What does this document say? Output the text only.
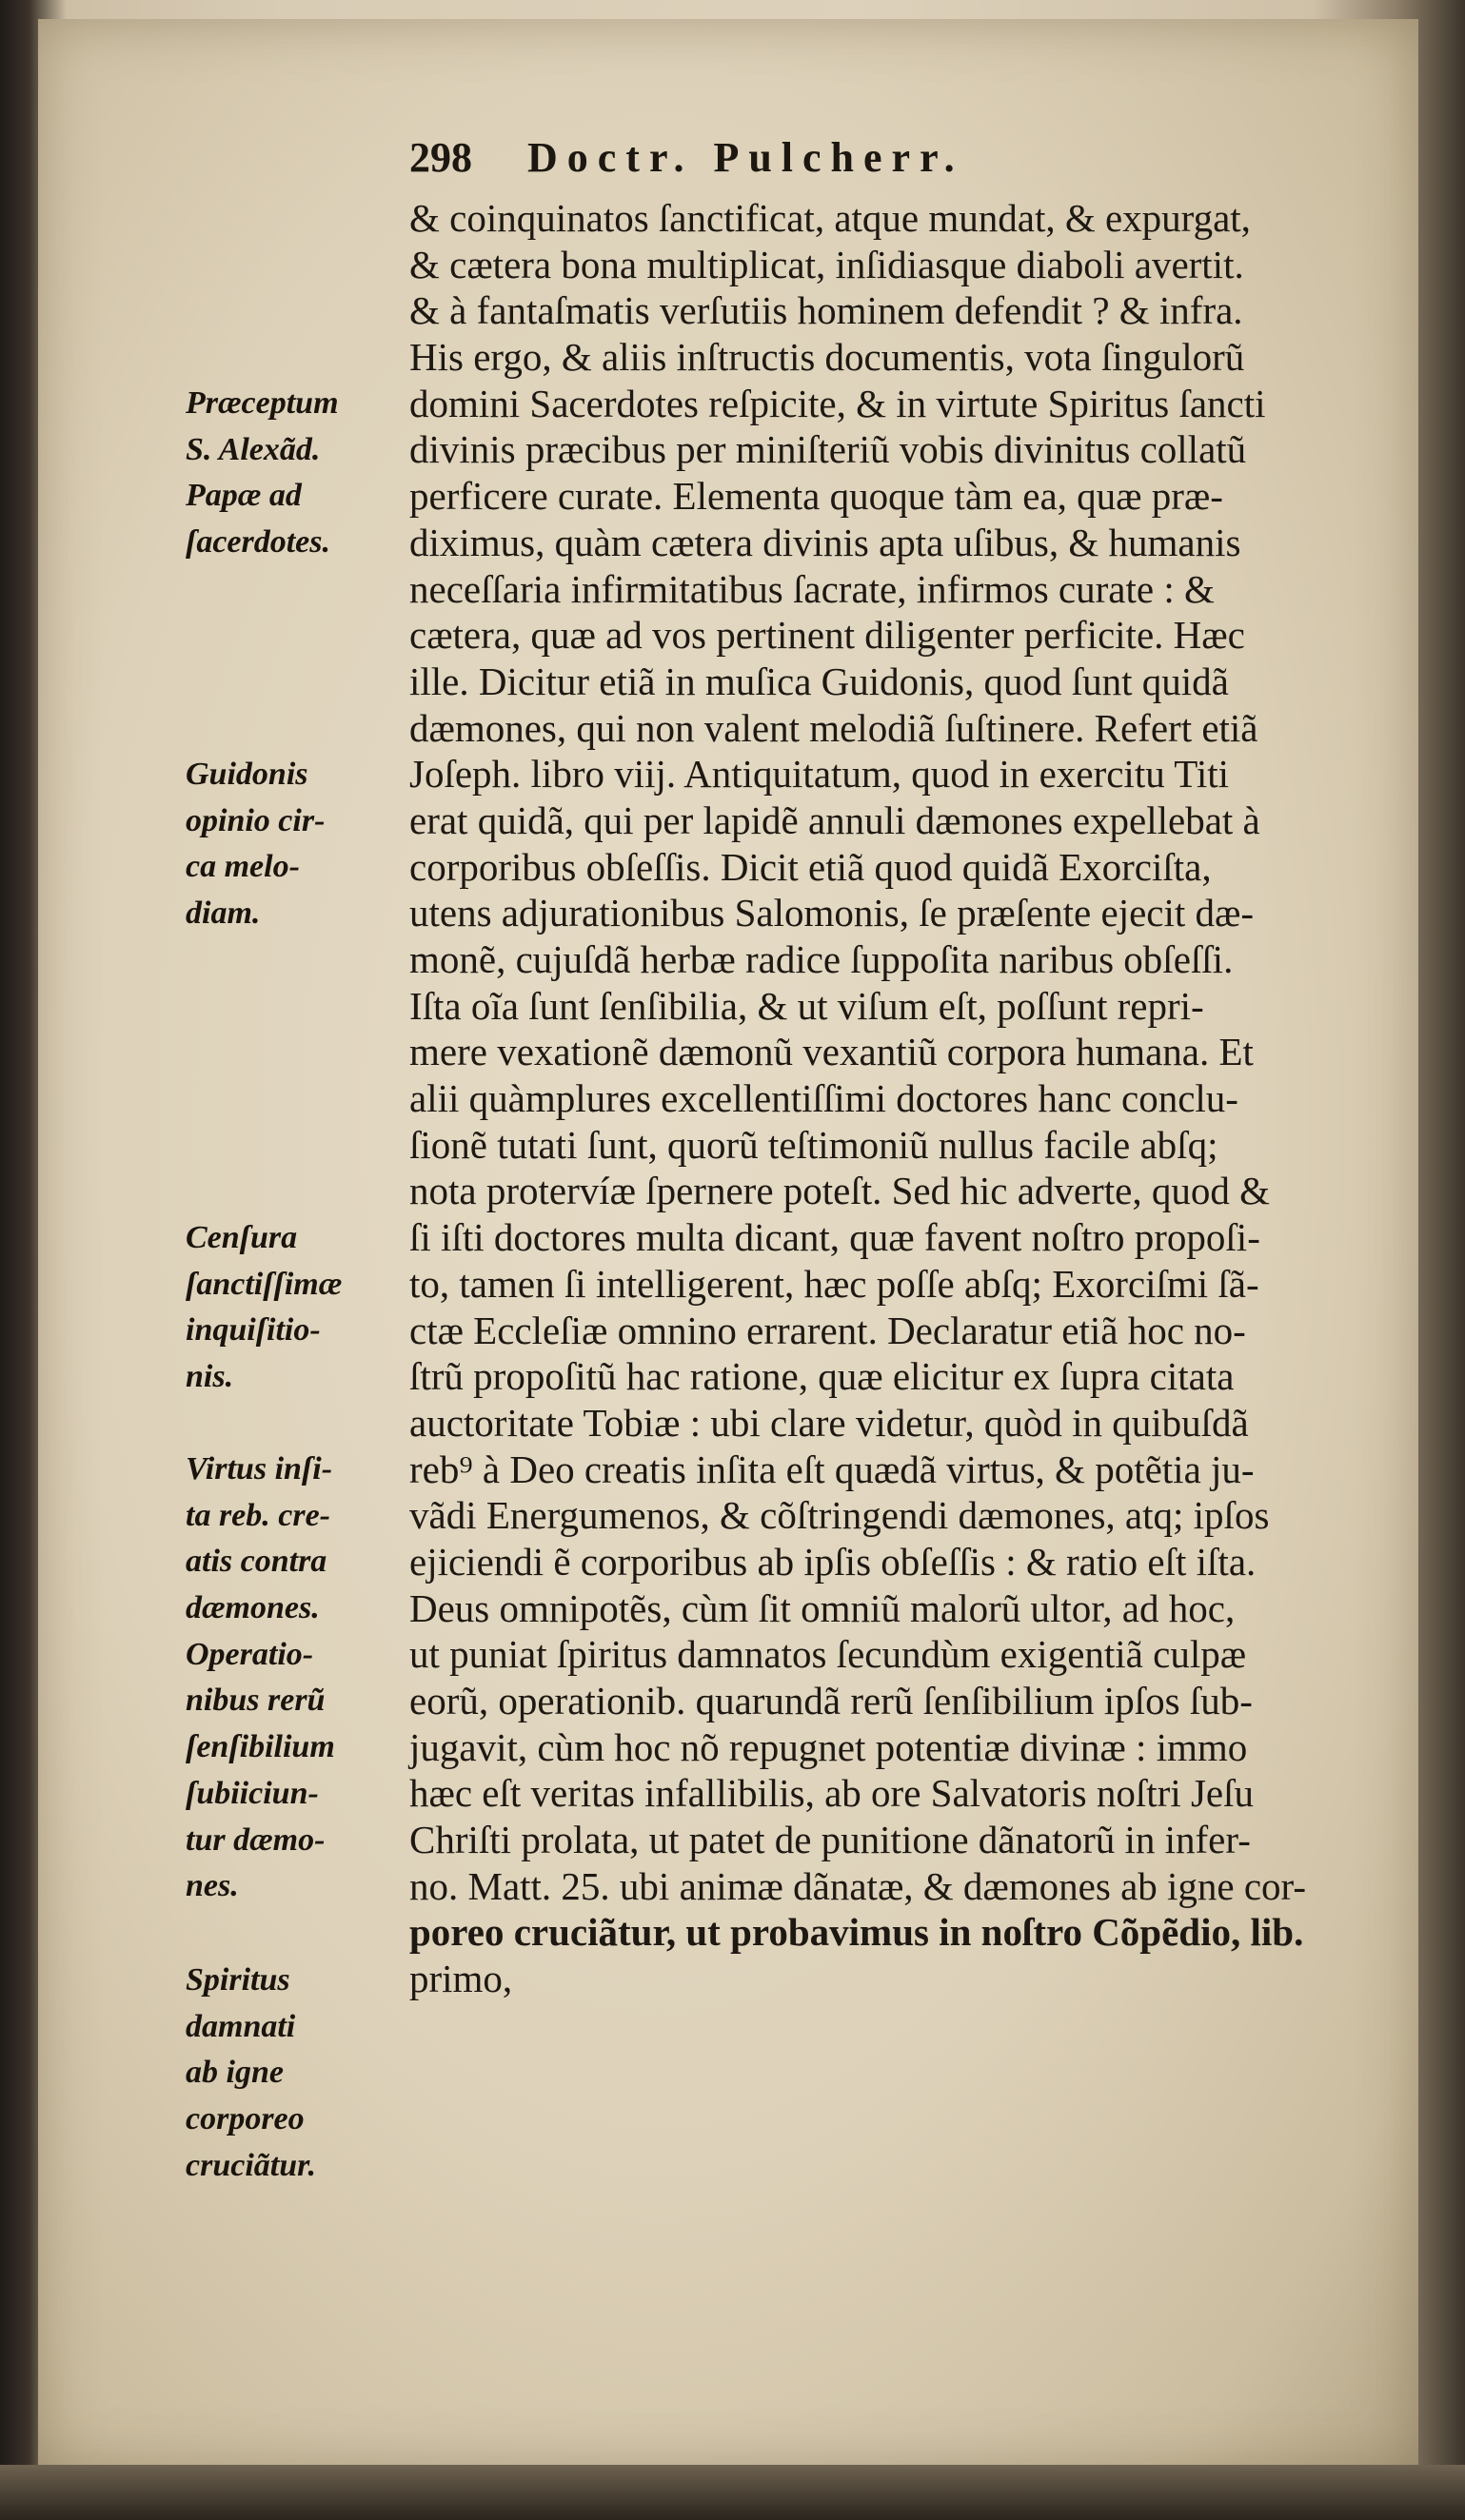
298 Doctr. Pulcherr.
& coinquinatos ſanctificat, atque mundat, & expurgat,
& cætera bona multiplicat, inſidiasque diaboli avertit.
& à fantaſmatis verſutiis hominem defendit ? & infra.
His ergo, & aliis inſtructis documentis, vota ſingulorũ
domini Sacerdotes reſpicite, & in virtute Spiritus ſancti
divinis præcibus per miniſteriũ vobis divinitus collatũ
perficere curate. Elementa quoque tàm ea, quæ præ-
diximus, quàm cætera divinis apta uſibus, & humanis
neceſſaria infirmitatibus ſacrate, infirmos curate : &
cætera, quæ ad vos pertinent diligenter perficite. Hæc
ille. Dicitur etiã in muſica Guidonis, quod ſunt quidã
dæmones, qui non valent melodiã ſuſtinere. Refert etiã
Joſeph. libro viij. Antiquitatum, quod in exercitu Titi
erat quidã, qui per lapidẽ annuli dæmones expellebat à
corporibus obſeſſis. Dicit etiã quod quidã Exorciſta,
utens adjurationibus Salomonis, ſe præſente ejecit dæ-
monẽ, cujuſdã herbæ radice ſuppoſita naribus obſeſſi.
Iſta oĩa ſunt ſenſibilia, & ut viſum eſt, poſſunt repri-
mere vexationẽ dæmonũ vexantiũ corpora humana. Et
alii quàmplures excellentiſſimi doctores hanc conclu-
ſionẽ tutati ſunt, quorũ teſtimoniũ nullus facile abſq;
nota protervíæ ſpernere poteſt. Sed hic adverte, quod &
ſi iſti doctores multa dicant, quæ favent noſtro propoſi-
to, tamen ſi intelligerent, hæc poſſe abſq; Exorciſmi ſã-
ctæ Eccleſiæ omnino errarent. Declaratur etiã hoc no-
ſtrũ propoſitũ hac ratione, quæ elicitur ex ſupra citata
auctoritate Tobiæ : ubi clare videtur, quòd in quibuſdã
reb⁹ à Deo creatis inſita eſt quædã virtus, & potẽtia ju-
vãdi Energumenos, & cõſtringendi dæmones, atq; ipſos
ejiciendi ẽ corporibus ab ipſis obſeſſis : & ratio eſt iſta.
Deus omnipotẽs, cùm ſit omniũ malorũ ultor, ad hoc,
ut puniat ſpiritus damnatos ſecundùm exigentiã culpæ
eorũ, operationib. quarundã rerũ ſenſibilium ipſos ſub-
jugavit, cùm hoc nõ repugnet potentiæ divinæ : immo
hæc eſt veritas infallibilis, ab ore Salvatoris noſtri Jeſu
Chriſti prolata, ut patet de punitione dãnatorũ in infer-
no. Matt. 25. ubi animæ dãnatæ, & dæmones ab igne cor-
poreo cruciãtur, ut probavimus in noſtro Cõpẽdio, lib.
primo,
Præceptum
S. Alexãd.
Papæ ad
ſacerdotes.
Guidonis
opinio cir-
ca melo-
diam.
Cenſura
ſanctiſſimæ
inquiſitio-
nis.
Virtus inſi-
ta reb. cre-
atis contra
dæmones.
Operatio-
nibus rerũ
ſenſibilium
ſubiiciun-
tur dæmo-
nes.
Spiritus
damnati
ab igne
corporeo
cruciãtur.
